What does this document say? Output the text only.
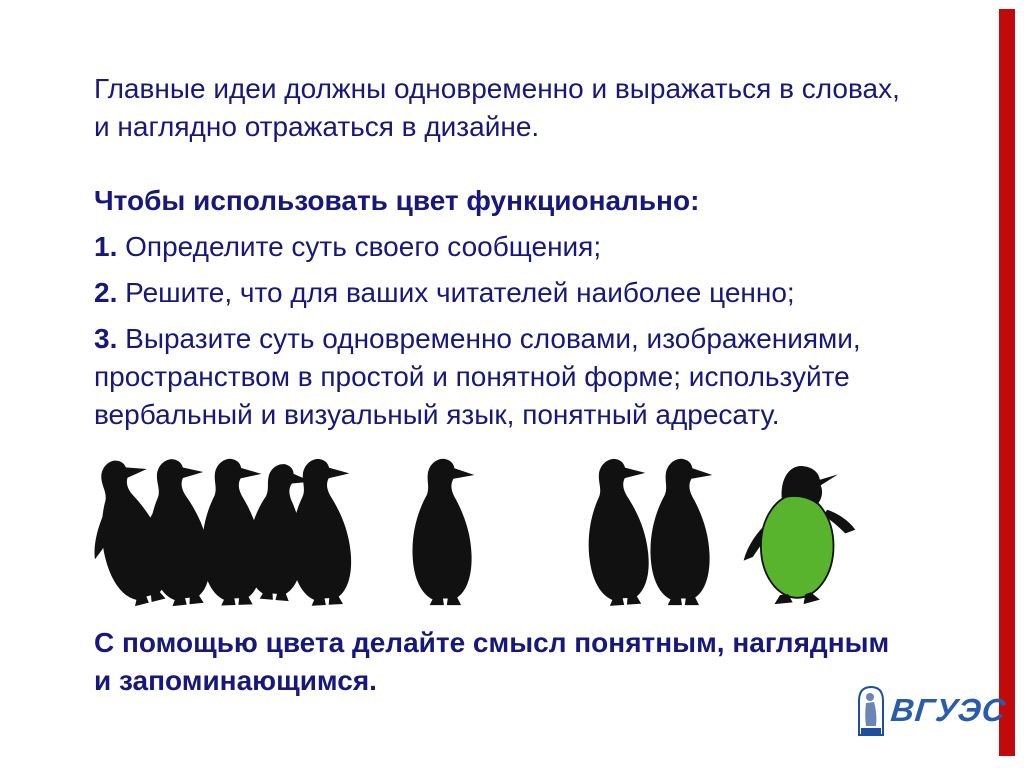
Главные идеи должны одновременно и выражаться в словах,
и наглядно отражаться в дизайне.
Чтобы использовать цвет функционально:
1. Определите суть своего сообщения;
2. Решите, что для ваших читателей наиболее ценно;
3. Выразите суть одновременно словами, изображениями,
пространством в простой и понятной форме; используйте
вербальный и визуальный язык, понятный адресату.
С помощью цвета делайте смысл понятным, наглядным
и запоминающимся.
ВГУЭС
